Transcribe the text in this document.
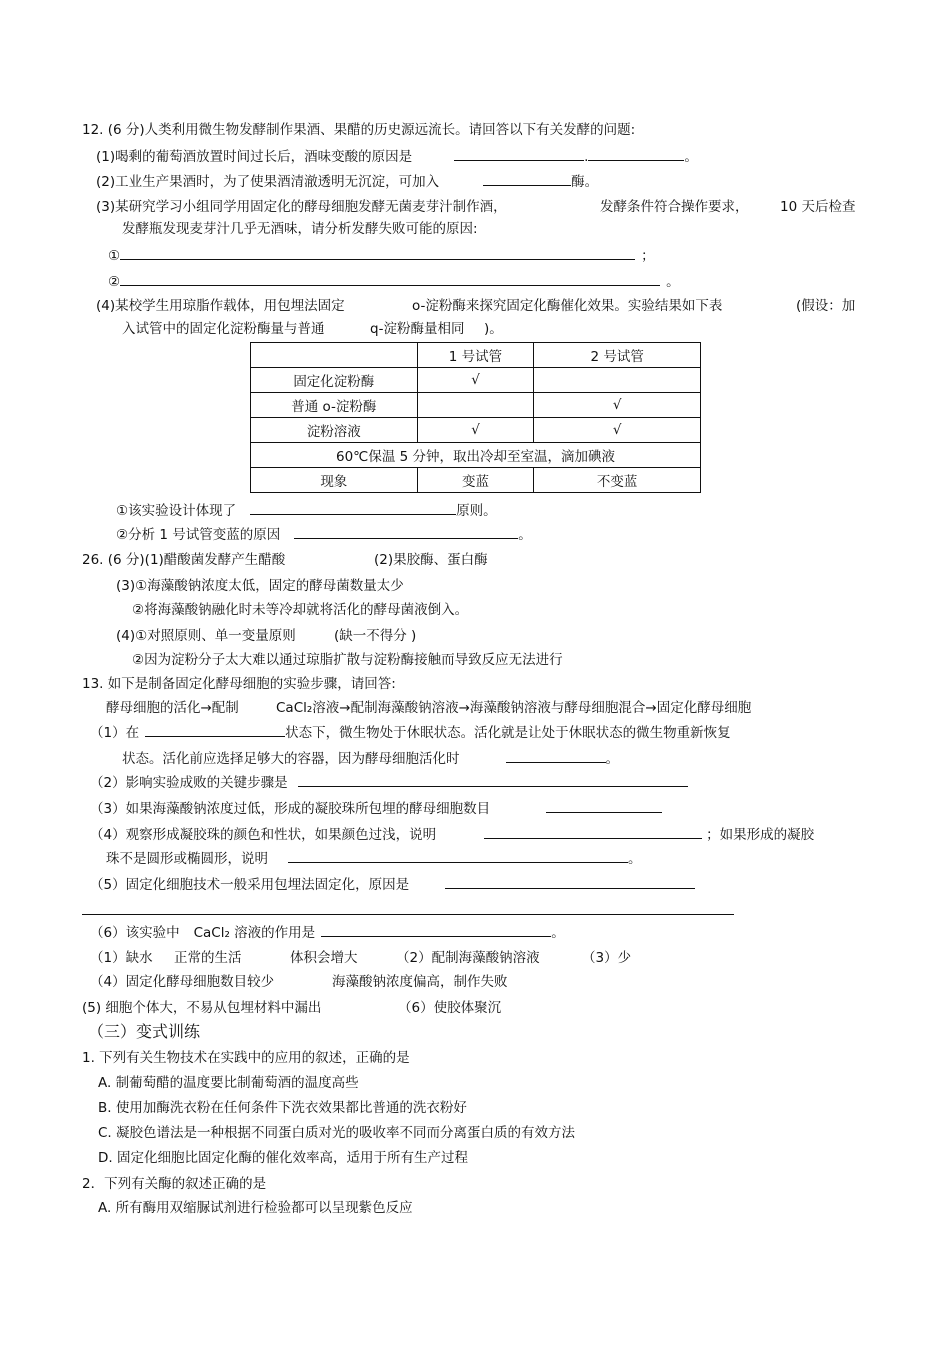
12. (6 分)人类利用微生物发酵制作果酒、果醋的历史源远流长。请回答以下有关发酵的问题:
(1)喝剩的葡萄酒放置时间过长后，酒味变酸的原因是	.	。
(2)工业生产果酒时，为了使果酒清澈透明无沉淀，可加入	酶。
(3)某研究学习小组同学用固定化的酵母细胞发酵无菌麦芽汁制作酒，	发酵条件符合操作要求， 10 天后检查
发酵瓶发现麦芽汁几乎无酒味，请分析发酵失败可能的原因:
①	；
②	。
(4)某校学生用琼脂作载体，用包埋法固定	o-淀粉酶来探究固定化酶催化效果。实验结果如下表	(假设：加
入试管中的固定化淀粉酶量与普通	q-淀粉酶量相同 )。
	1 号试管	2 号试管
固定化淀粉酶	√	
普通 o-淀粉酶		√
淀粉溶液	√	√
60℃保温 5 分钟，取出冷却至室温，滴加碘液		
现象	变蓝	不变蓝
①该实验设计体现了	原则。
②分析 1 号试管变蓝的原因	。
26. (6 分)(1)醋酸菌发酵产生醋酸	(2)果胶酶、蛋白酶
(3)①海藻酸钠浓度太低，固定的酵母菌数量太少
②将海藻酸钠融化时未等冷却就将活化的酵母菌液倒入。
(4)①对照原则、单一变量原则	(缺一不得分 )
②因为淀粉分子太大难以通过琼脂扩散与淀粉酶接触而导致反应无法进行
13. 如下是制备固定化酵母细胞的实验步骤，请回答:
酵母细胞的活化→配制	CaCl₂溶液→配制海藻酸钠溶液→海藻酸钠溶液与酵母细胞混合→固定化酵母细胞
（1）在	状态下，微生物处于休眠状态。活化就是让处于休眠状态的微生物重新恢复
状态。活化前应选择足够大的容器，因为酵母细胞活化时	。
（2）影响实验成败的关键步骤是
（3）如果海藻酸钠浓度过低，形成的凝胶珠所包埋的酵母细胞数目
（4）观察形成凝胶珠的颜色和性状，如果颜色过浅，说明	；如果形成的凝胶
珠不是圆形或椭圆形，说明	。
（5）固定化细胞技术一般采用包埋法固定化，原因是
（6）该实验中 CaCl₂ 溶液的作用是	。
（1）缺水 正常的生活	体积会增大	（2）配制海藻酸钠溶液	（3）少
（4）固定化酵母细胞数目较少	海藻酸钠浓度偏高，制作失败
(5) 细胞个体大，不易从包埋材料中漏出	（6）使胶体聚沉
（三）变式训练
1. 下列有关生物技术在实践中的应用的叙述，正确的是
A. 制葡萄醋的温度要比制葡萄酒的温度高些
B. 使用加酶洗衣粉在任何条件下洗衣效果都比普通的洗衣粉好
C. 凝胶色谱法是一种根据不同蛋白质对光的吸收率不同而分离蛋白质的有效方法
D. 固定化细胞比固定化酶的催化效率高，适用于所有生产过程
2．下列有关酶的叙述正确的是
A. 所有酶用双缩脲试剂进行检验都可以呈现紫色反应
